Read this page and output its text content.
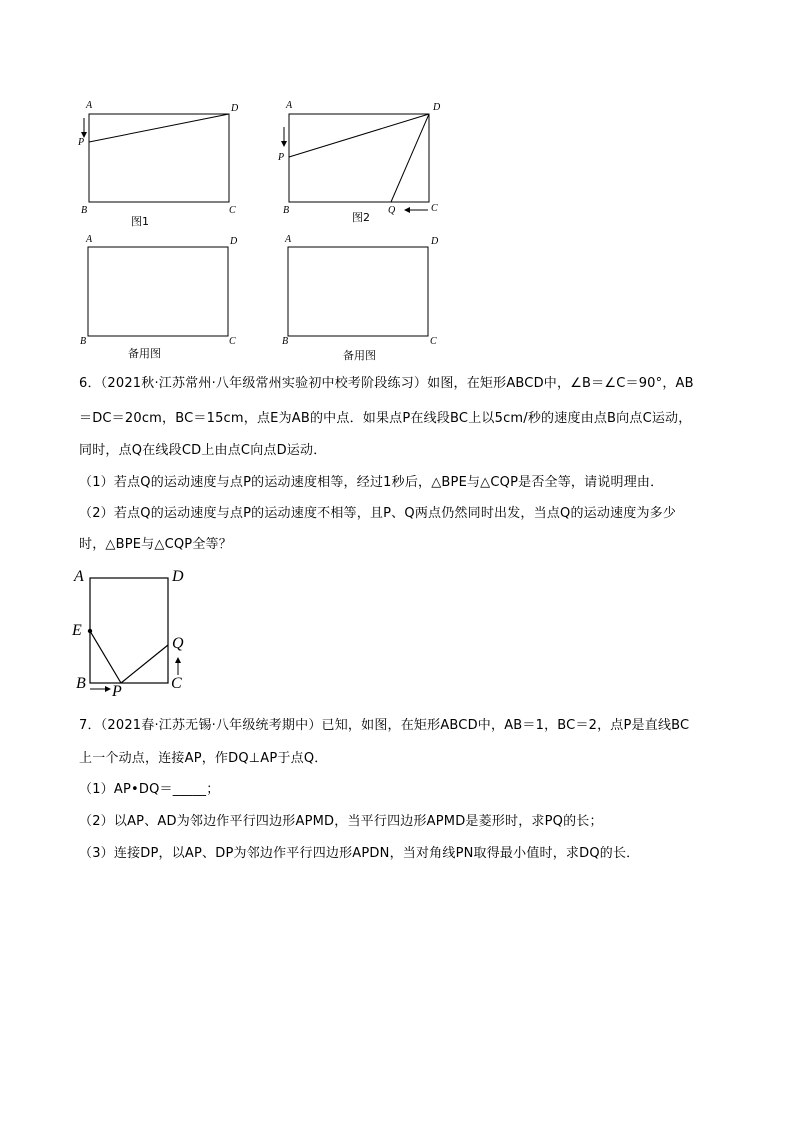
A	D
P
B	C
图1
A	D
P
B	Q	C
图2
A	D
B	C
备用图
A	D
B	C
备用图
6．（2021秋·江苏常州·八年级常州实验初中校考阶段练习）如图，在矩形ABCD中，∠B＝∠C＝90°，AB
＝DC＝20cm，BC＝15cm，点E为AB的中点．如果点P在线段BC上以5cm/秒的速度由点B向点C运动，
同时，点Q在线段CD上由点C向点D运动．
（1）若点Q的运动速度与点P的运动速度相等，经过1秒后，△BPE与△CQP是否全等，请说明理由．
（2）若点Q的运动速度与点P的运动速度不相等，且P、Q两点仍然同时出发，当点Q的运动速度为多少
时，△BPE与△CQP全等？
A	D
E
Q
B P	C
7．（2021春·江苏无锡·八年级统考期中）已知，如图，在矩形ABCD中，AB＝1，BC＝2，点P是直线BC
上一个动点，连接AP，作DQ⊥AP于点Q．
（1）AP•DQ＝_____；
（2）以AP、AD为邻边作平行四边形APMD，当平行四边形APMD是菱形时，求PQ的长；
（3）连接DP，以AP、DP为邻边作平行四边形APDN，当对角线PN取得最小值时，求DQ的长．
